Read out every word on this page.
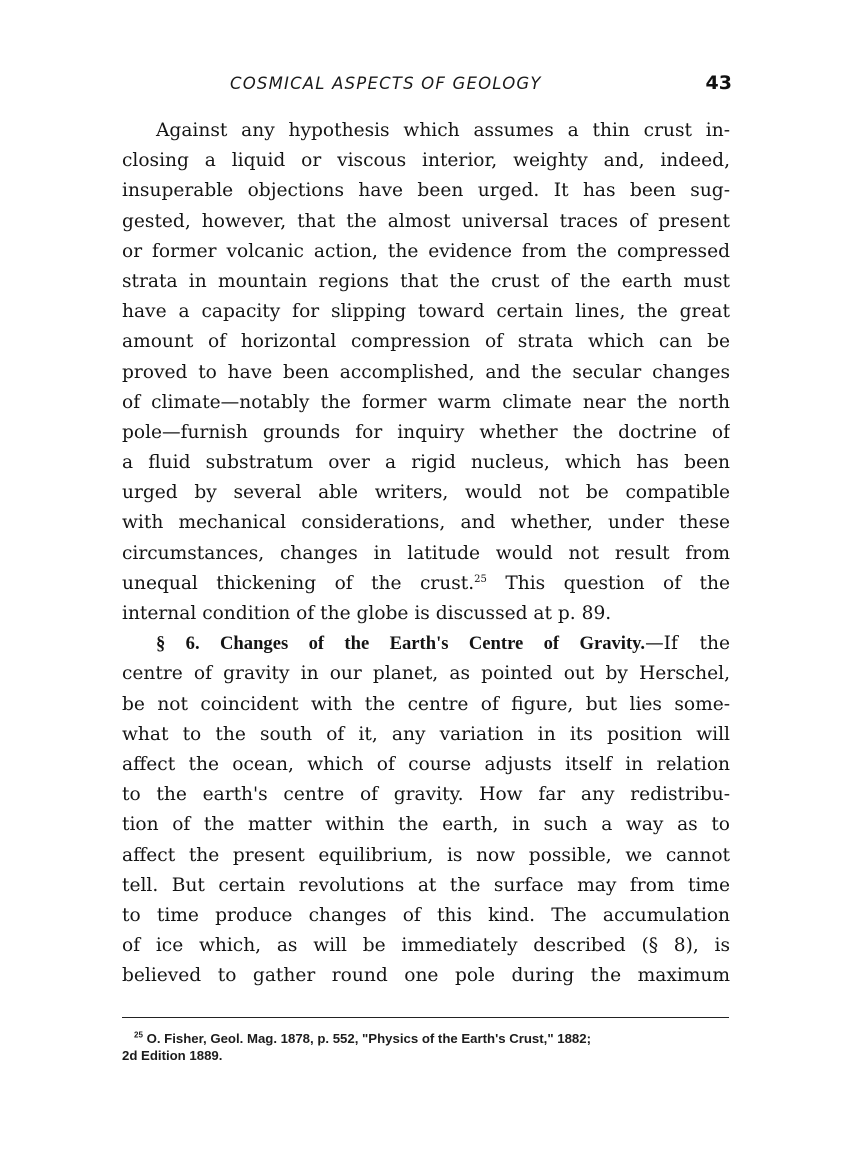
COSMICAL ASPECTS OF GEOLOGY	43
Against any hypothesis which assumes a thin crust in-
closing a liquid or viscous interior, weighty and, indeed,
insuperable objections have been urged. It has been sug-
gested, however, that the almost universal traces of present
or former volcanic action, the evidence from the compressed
strata in mountain regions that the crust of the earth must
have a capacity for slipping toward certain lines, the great
amount of horizontal compression of strata which can be
proved to have been accomplished, and the secular changes
of climate—notably the former warm climate near the north
pole—furnish grounds for inquiry whether the doctrine of
a fluid substratum over a rigid nucleus, which has been
urged by several able writers, would not be compatible
with mechanical considerations, and whether, under these
circumstances, changes in latitude would not result from
unequal thickening of the crust.$^{25}$ This question of the
internal condition of the globe is discussed at p. 89.
§ 6. Changes of the Earth's Centre of Gravity.—If the
centre of gravity in our planet, as pointed out by Herschel,
be not coincident with the centre of figure, but lies some-
what to the south of it, any variation in its position will
affect the ocean, which of course adjusts itself in relation
to the earth's centre of gravity. How far any redistribu-
tion of the matter within the earth, in such a way as to
affect the present equilibrium, is now possible, we cannot
tell. But certain revolutions at the surface may from time
to time produce changes of this kind. The accumulation
of ice which, as will be immediately described (§ 8), is
believed to gather round one pole during the maximum
$^{25}$ O. Fisher, Geol. Mag. 1878, p. 552, "Physics of the Earth's Crust," 1882;
2d Edition 1889.
